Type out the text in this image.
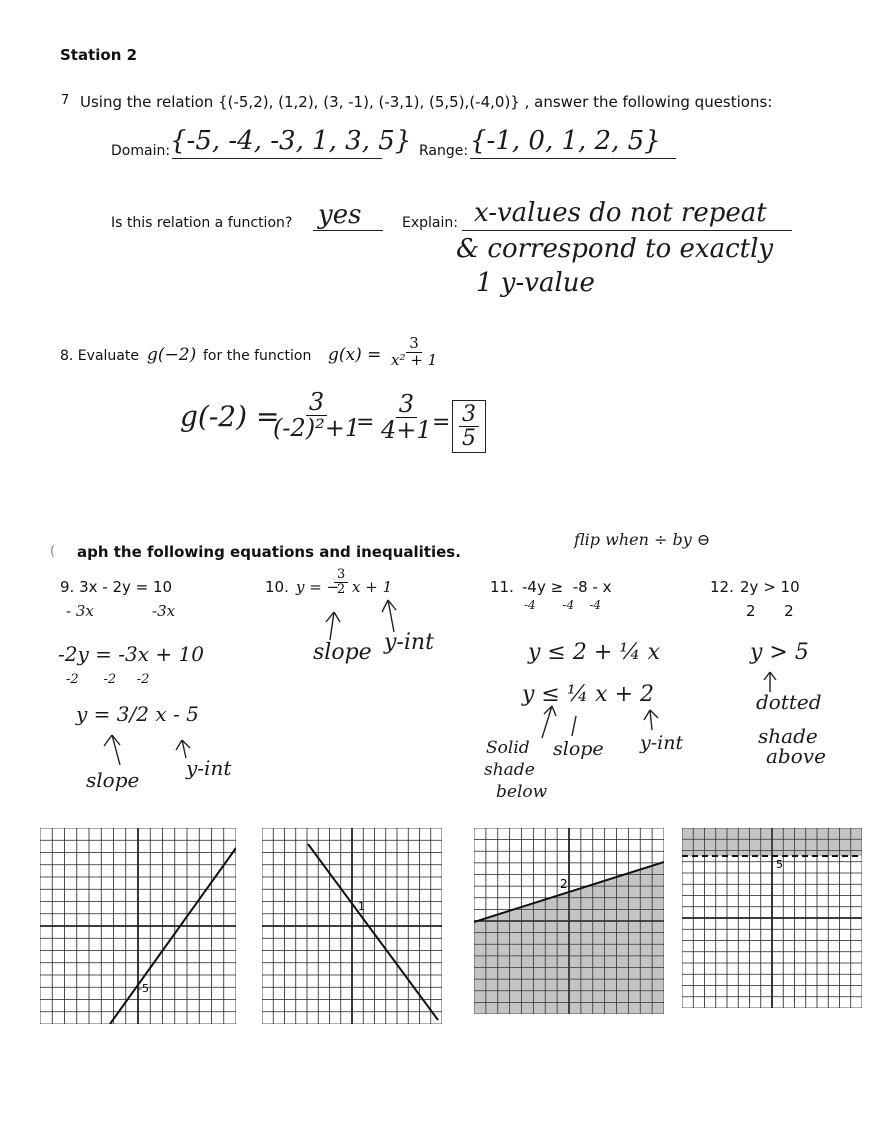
Station 2
7 Using the relation {(-5,2), (1,2), (3, -1), (-3,1), (5,5),(-4,0)} , answer the following questions:
Domain: {-5, -4, -3, 1, 3, 5} Range: {-1, 0, 1, 2, 5}
Is this relation a function? yes	Explain: x-values do not repeat
& correspond to exactly
1 y-value
8. Evaluate g(−2) for the function $g(x) = \frac{3}{\text{x² + 1}}$
g(-2) =
$\frac{3}{\text{(-2)²+1}}$
= $\frac{3}{4+1}$
= $\frac{3}{5}$
( aph the following equations and inequalities.
9. 3x - 2y = 10
- 3x	-3x
-2y = -3x + 10
-2      -2     -2
y = 3/2 x - 5
slope y-int
10. y = −
$\frac{3}{2}$ x + 1
slope y-int
flip when ÷ by ⊖
11. -4y ≥  -8 - x
-4       -4    -4
y ≤ 2 + ¼ x
y ≤ ¼ x + 2
Solid
shade
below
slope y-int
12. 2y > 10
2      2
y > 5
dotted
shade
above
-5
1
2
5
